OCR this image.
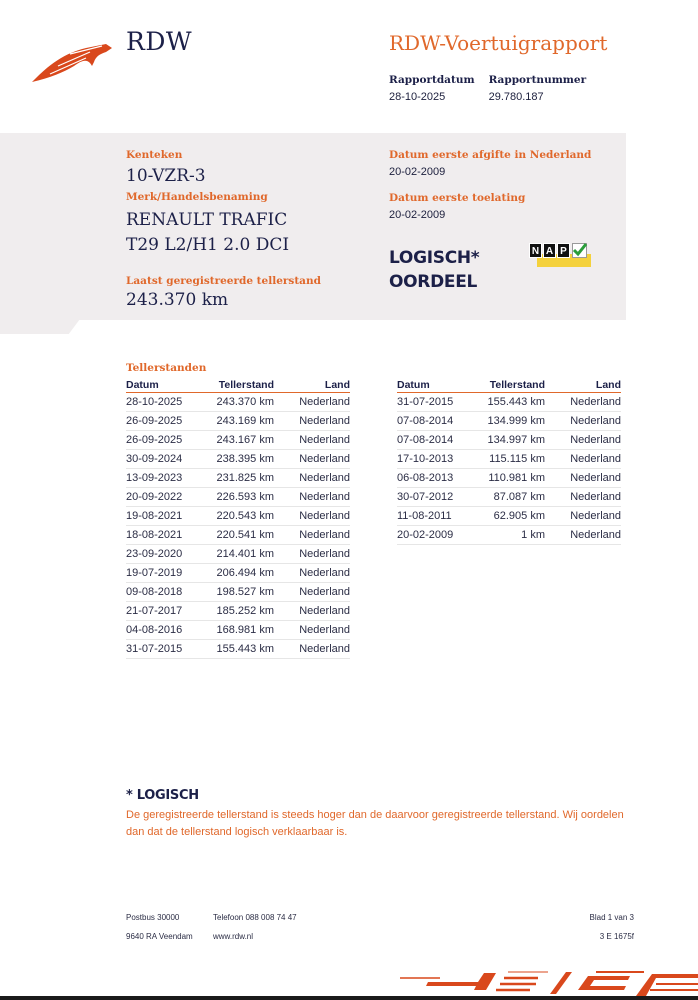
RDW	RDW-Voertuigrapport
Rapportdatum
28-10-2025
Rapportnummer
29.780.187
Kenteken
10-VZR-3
Merk/Handelsbenaming
RENAULT TRAFIC
T29 L2/H1 2.0 DCI
Laatst geregistreerde tellerstand
243.370 km
Datum eerste afgifte in Nederland
20-02-2009
Datum eerste toelating
20-02-2009
LOGISCH*
OORDEEL
N A P
Tellerstanden
Datum	Tellerstand	Land
28-10-2025	243.370 km	Nederland
26-09-2025	243.169 km	Nederland
26-09-2025	243.167 km	Nederland
30-09-2024	238.395 km	Nederland
13-09-2023	231.825 km	Nederland
20-09-2022	226.593 km	Nederland
19-08-2021	220.543 km	Nederland
18-08-2021	220.541 km	Nederland
23-09-2020	214.401 km	Nederland
19-07-2019	206.494 km	Nederland
09-08-2018	198.527 km	Nederland
21-07-2017	185.252 km	Nederland
04-08-2016	168.981 km	Nederland
31-07-2015	155.443 km	Nederland
Datum	Tellerstand	Land
31-07-2015	155.443 km	Nederland
07-08-2014	134.999 km	Nederland
07-08-2014	134.997 km	Nederland
17-10-2013	115.115 km	Nederland
06-08-2013	110.981 km	Nederland
30-07-2012	87.087 km	Nederland
11-08-2011	62.905 km	Nederland
20-02-2009	1 km	Nederland
* LOGISCH
De geregistreerde tellerstand is steeds hoger dan de daarvoor geregistreerde tellerstand. Wij oordelen dan dat de tellerstand logisch verklaarbaar is.
Postbus 30000
9640 RA Veendam
Telefoon 088 008 74 47
www.rdw.nl
Blad 1 van 3
3 E 1675f
